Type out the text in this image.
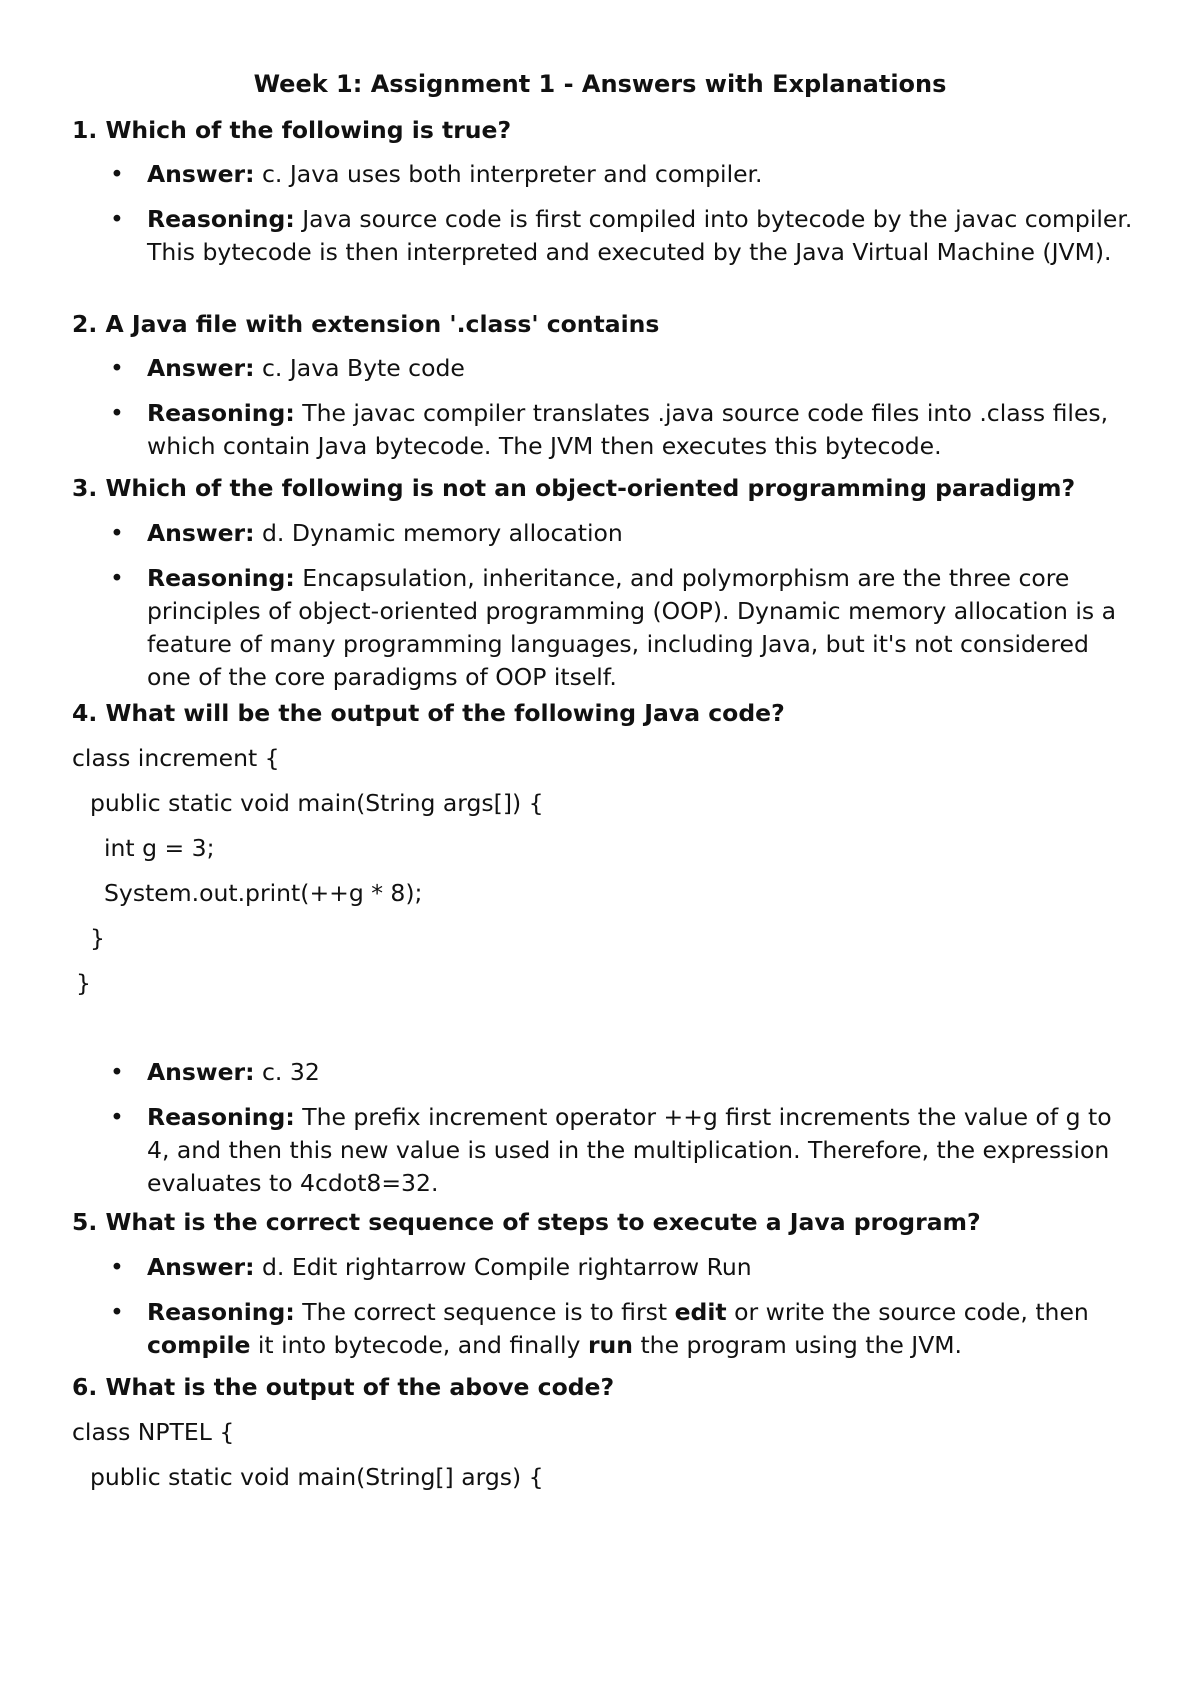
Week 1: Assignment 1 - Answers with Explanations
1. Which of the following is true?
• Answer: c. Java uses both interpreter and compiler.
• Reasoning: Java source code is first compiled into bytecode by the javac compiler. This bytecode is then interpreted and executed by the Java Virtual Machine (JVM).
2. A Java file with extension '.class' contains
• Answer: c. Java Byte code
• Reasoning: The javac compiler translates .java source code files into .class files, which contain Java bytecode. The JVM then executes this bytecode.
3. Which of the following is not an object-oriented programming paradigm?
• Answer: d. Dynamic memory allocation
• Reasoning: Encapsulation, inheritance, and polymorphism are the three core principles of object-oriented programming (OOP). Dynamic memory allocation is a feature of many programming languages, including Java, but it's not considered one of the core paradigms of OOP itself.
4. What will be the output of the following Java code?
class increment {
public static void main(String args[]) {
int g = 3;
System.out.print(++g * 8);
}
}
• Answer: c. 32
• Reasoning: The prefix increment operator ++g first increments the value of g to 4, and then this new value is used in the multiplication. Therefore, the expression evaluates to 4cdot8=32.
5. What is the correct sequence of steps to execute a Java program?
• Answer: d. Edit rightarrow Compile rightarrow Run
• Reasoning: The correct sequence is to first edit or write the source code, then compile it into bytecode, and finally run the program using the JVM.
6. What is the output of the above code?
class NPTEL {
public static void main(String[] args) {
